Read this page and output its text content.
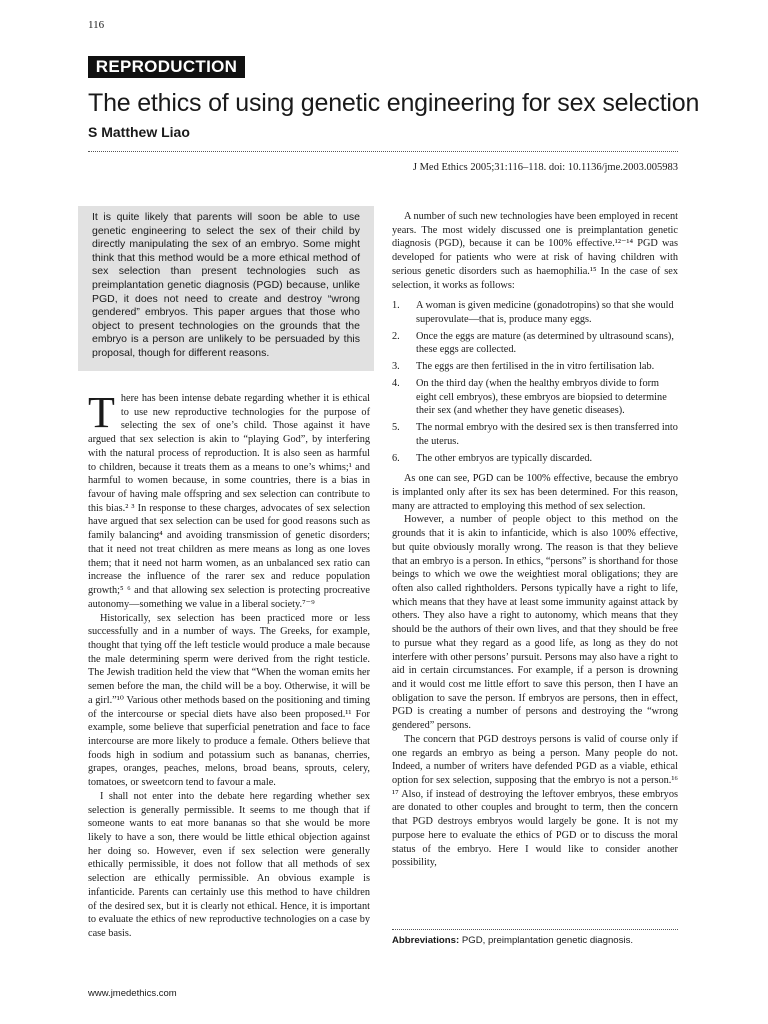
116
REPRODUCTION
The ethics of using genetic engineering for sex selection
S Matthew Liao
J Med Ethics 2005;31:116–118. doi: 10.1136/jme.2003.005983
It is quite likely that parents will soon be able to use genetic engineering to select the sex of their child by directly manipulating the sex of an embryo. Some might think that this method would be a more ethical method of sex selection than present technologies such as preimplantation genetic diagnosis (PGD) because, unlike PGD, it does not need to create and destroy “wrong gendered” embryos. This paper argues that those who object to present technologies on the grounds that the embryo is a person are unlikely to be persuaded by this proposal, though for different reasons.

There has been intense debate regarding whether it is ethical to use new reproductive technologies for the purpose of selecting the sex of one’s child. Those against it have argued that sex selection is akin to “playing God”, by interfering with the natural process of reproduction. It is also seen as harmful to children, because it treats them as a means to one’s whims;¹ and harmful to women because, in some countries, there is a bias in favour of having male offspring and sex selection can contribute to this bias.² ³ In response to these charges, advocates of sex selection have argued that sex selection can be used for good reasons such as family balancing⁴ and avoiding transmission of genetic disorders; that it need not treat children as mere means as long as one loves them; that it need not harm women, as an unbalanced sex ratio can increase the influence of the rarer sex and reduce population growth;⁵ ⁶ and that allowing sex selection is protecting procreative autonomy—something we value in a liberal society.⁷⁻⁹

Historically, sex selection has been practiced more or less successfully and in a number of ways. The Greeks, for example, thought that tying off the left testicle would produce a male because the male determining sperm were derived from the right testicle. The Jewish tradition held the view that “When the woman emits her semen before the man, the child will be a boy. Otherwise, it will be a girl.”¹⁰ Various other methods based on the positioning and timing of the intercourse or special diets have also been proposed.¹¹ For example, some believe that superficial penetration and face to face intercourse are more likely to produce a female. Others believe that foods high in sodium and potassium such as bananas, cherries, grapes, oranges, peaches, melons, broad beans, sprouts, celery, tomatoes, or sweetcorn tend to favour a male.

I shall not enter into the debate here regarding whether sex selection is generally permissible. It seems to me though that if someone wants to eat more bananas so that she would be more likely to have a son, there would be little ethical objection against her doing so. However, even if sex selection were generally ethically permissible, it does not follow that all methods of sex selection are ethically permissible. An obvious example is infanticide. Parents can certainly use this method to have children of the desired sex, but it is clearly not ethical. Hence, it is important to evaluate the ethics of new reproductive technologies on a case by case basis.

A number of such new technologies have been employed in recent years. The most widely discussed one is preimplantation genetic diagnosis (PGD), because it can be 100% effective.¹²⁻¹⁴ PGD was developed for patients who were at risk of having children with serious genetic disorders such as haemophilia.¹⁵ In the case of sex selection, it works as follows:

1. A woman is given medicine (gonadotropins) so that she would superovulate—that is, produce many eggs.
2. Once the eggs are mature (as determined by ultrasound scans), these eggs are collected.
3. The eggs are then fertilised in the in vitro fertilisation lab.
4. On the third day (when the healthy embryos divide to form eight cell embryos), these embryos are biopsied to determine their sex (and whether they have genetic diseases).
5. The normal embryo with the desired sex is then transferred into the uterus.
6. The other embryos are typically discarded.

As one can see, PGD can be 100% effective, because the embryo is implanted only after its sex has been determined. For this reason, many are attracted to employing this method of sex selection.

However, a number of people object to this method on the grounds that it is akin to infanticide, which is also 100% effective, but quite obviously morally wrong. The reason is that they believe that an embryo is a person. In ethics, “persons” is shorthand for those beings to which we owe the weightiest moral obligations; they are often also called rightholders. Persons typically have a right to life, which means that they have at least some immunity against attack by others. They also have a right to autonomy, which means that they should be the authors of their own lives, and that they should be free to pursue what they regard as a good life, as long as they do not interfere with other persons’ pursuit. Persons may also have a right to aid in certain circumstances. For example, if a person is drowning and it would cost me little effort to save this person, then I have an obligation to save the person. If embryos are persons, then in effect, PGD is creating a number of persons and destroying the “wrong gendered” persons.

The concern that PGD destroys persons is valid of course only if one regards an embryo as being a person. Many people do not. Indeed, a number of writers have defended PGD as a viable, ethical option for sex selection, supposing that the embryo is not a person.¹⁶ ¹⁷ Also, if instead of destroying the leftover embryos, these embryos are donated to other couples and brought to term, then the concern that PGD destroys embryos would largely be gone. It is not my purpose here to evaluate the ethics of PGD or to discuss the moral status of the embryo. Here I would like to consider another possibility,

Abbreviations: PGD, preimplantation genetic diagnosis.
www.jmedethics.com
